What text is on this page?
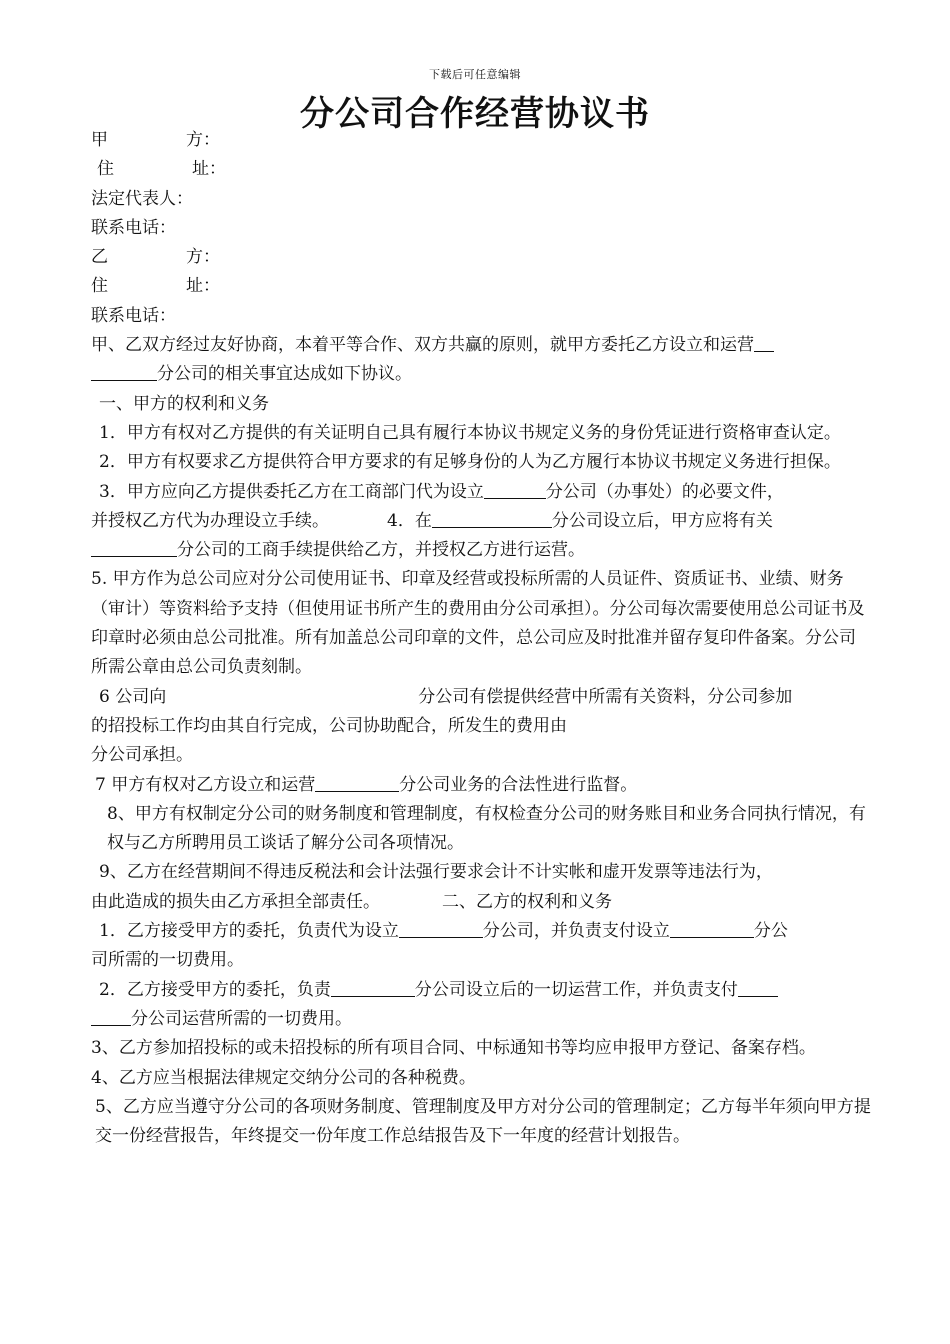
下载后可任意编辑
分公司合作经营协议书
甲	方：
住	址：
法定代表人：
联系电话：
乙	方：
住	址：
联系电话：
甲、乙双方经过友好协商，本着平等合作、双方共赢的原则，就甲方委托乙方设立和运营
分公司的相关事宜达成如下协议。
一、甲方的权利和义务
1．甲方有权对乙方提供的有关证明自己具有履行本协议书规定义务的身份凭证进行资格审查认定。
2．甲方有权要求乙方提供符合甲方要求的有足够身份的人为乙方履行本协议书规定义务进行担保。
3．甲方应向乙方提供委托乙方在工商部门代为设立	分公司（办事处）的必要文件，
并授权乙方代为办理设立手续。	4．在	分公司设立后，甲方应将有关
分公司的工商手续提供给乙方，并授权乙方进行运营。
5. 甲方作为总公司应对分公司使用证书、印章及经营或投标所需的人员证件、资质证书、业绩、财务（审计）等资料给予支持（但使用证书所产生的费用由分公司承担）。分公司每次需要使用总公司证书及印章时必须由总公司批准。所有加盖总公司印章的文件，总公司应及时批准并留存复印件备案。分公司所需公章由总公司负责刻制。
6 公司向	分公司有偿提供经营中所需有关资料，分公司参加
的招投标工作均由其自行完成，公司协助配合，所发生的费用由
分公司承担。
7 甲方有权对乙方设立和运营	分公司业务的合法性进行监督。
8、甲方有权制定分公司的财务制度和管理制度，有权检查分公司的财务账目和业务合同执行情况，有权与乙方所聘用员工谈话了解分公司各项情况。
9、乙方在经营期间不得违反税法和会计法强行要求会计不计实帐和虚开发票等违法行为，
由此造成的损失由乙方承担全部责任。	二、乙方的权利和义务
1．乙方接受甲方的委托，负责代为设立	分公司，并负责支付设立	分公
司所需的一切费用。
2．乙方接受甲方的委托，负责	分公司设立后的一切运营工作，并负责支付
分公司运营所需的一切费用。
3、乙方参加招投标的或未招投标的所有项目合同、中标通知书等均应申报甲方登记、备案存档。
4、乙方应当根据法律规定交纳分公司的各种税费。
5、乙方应当遵守分公司的各项财务制度、管理制度及甲方对分公司的管理制定；乙方每半年须向甲方提交一份经营报告，年终提交一份年度工作总结报告及下一年度的经营计划报告。
